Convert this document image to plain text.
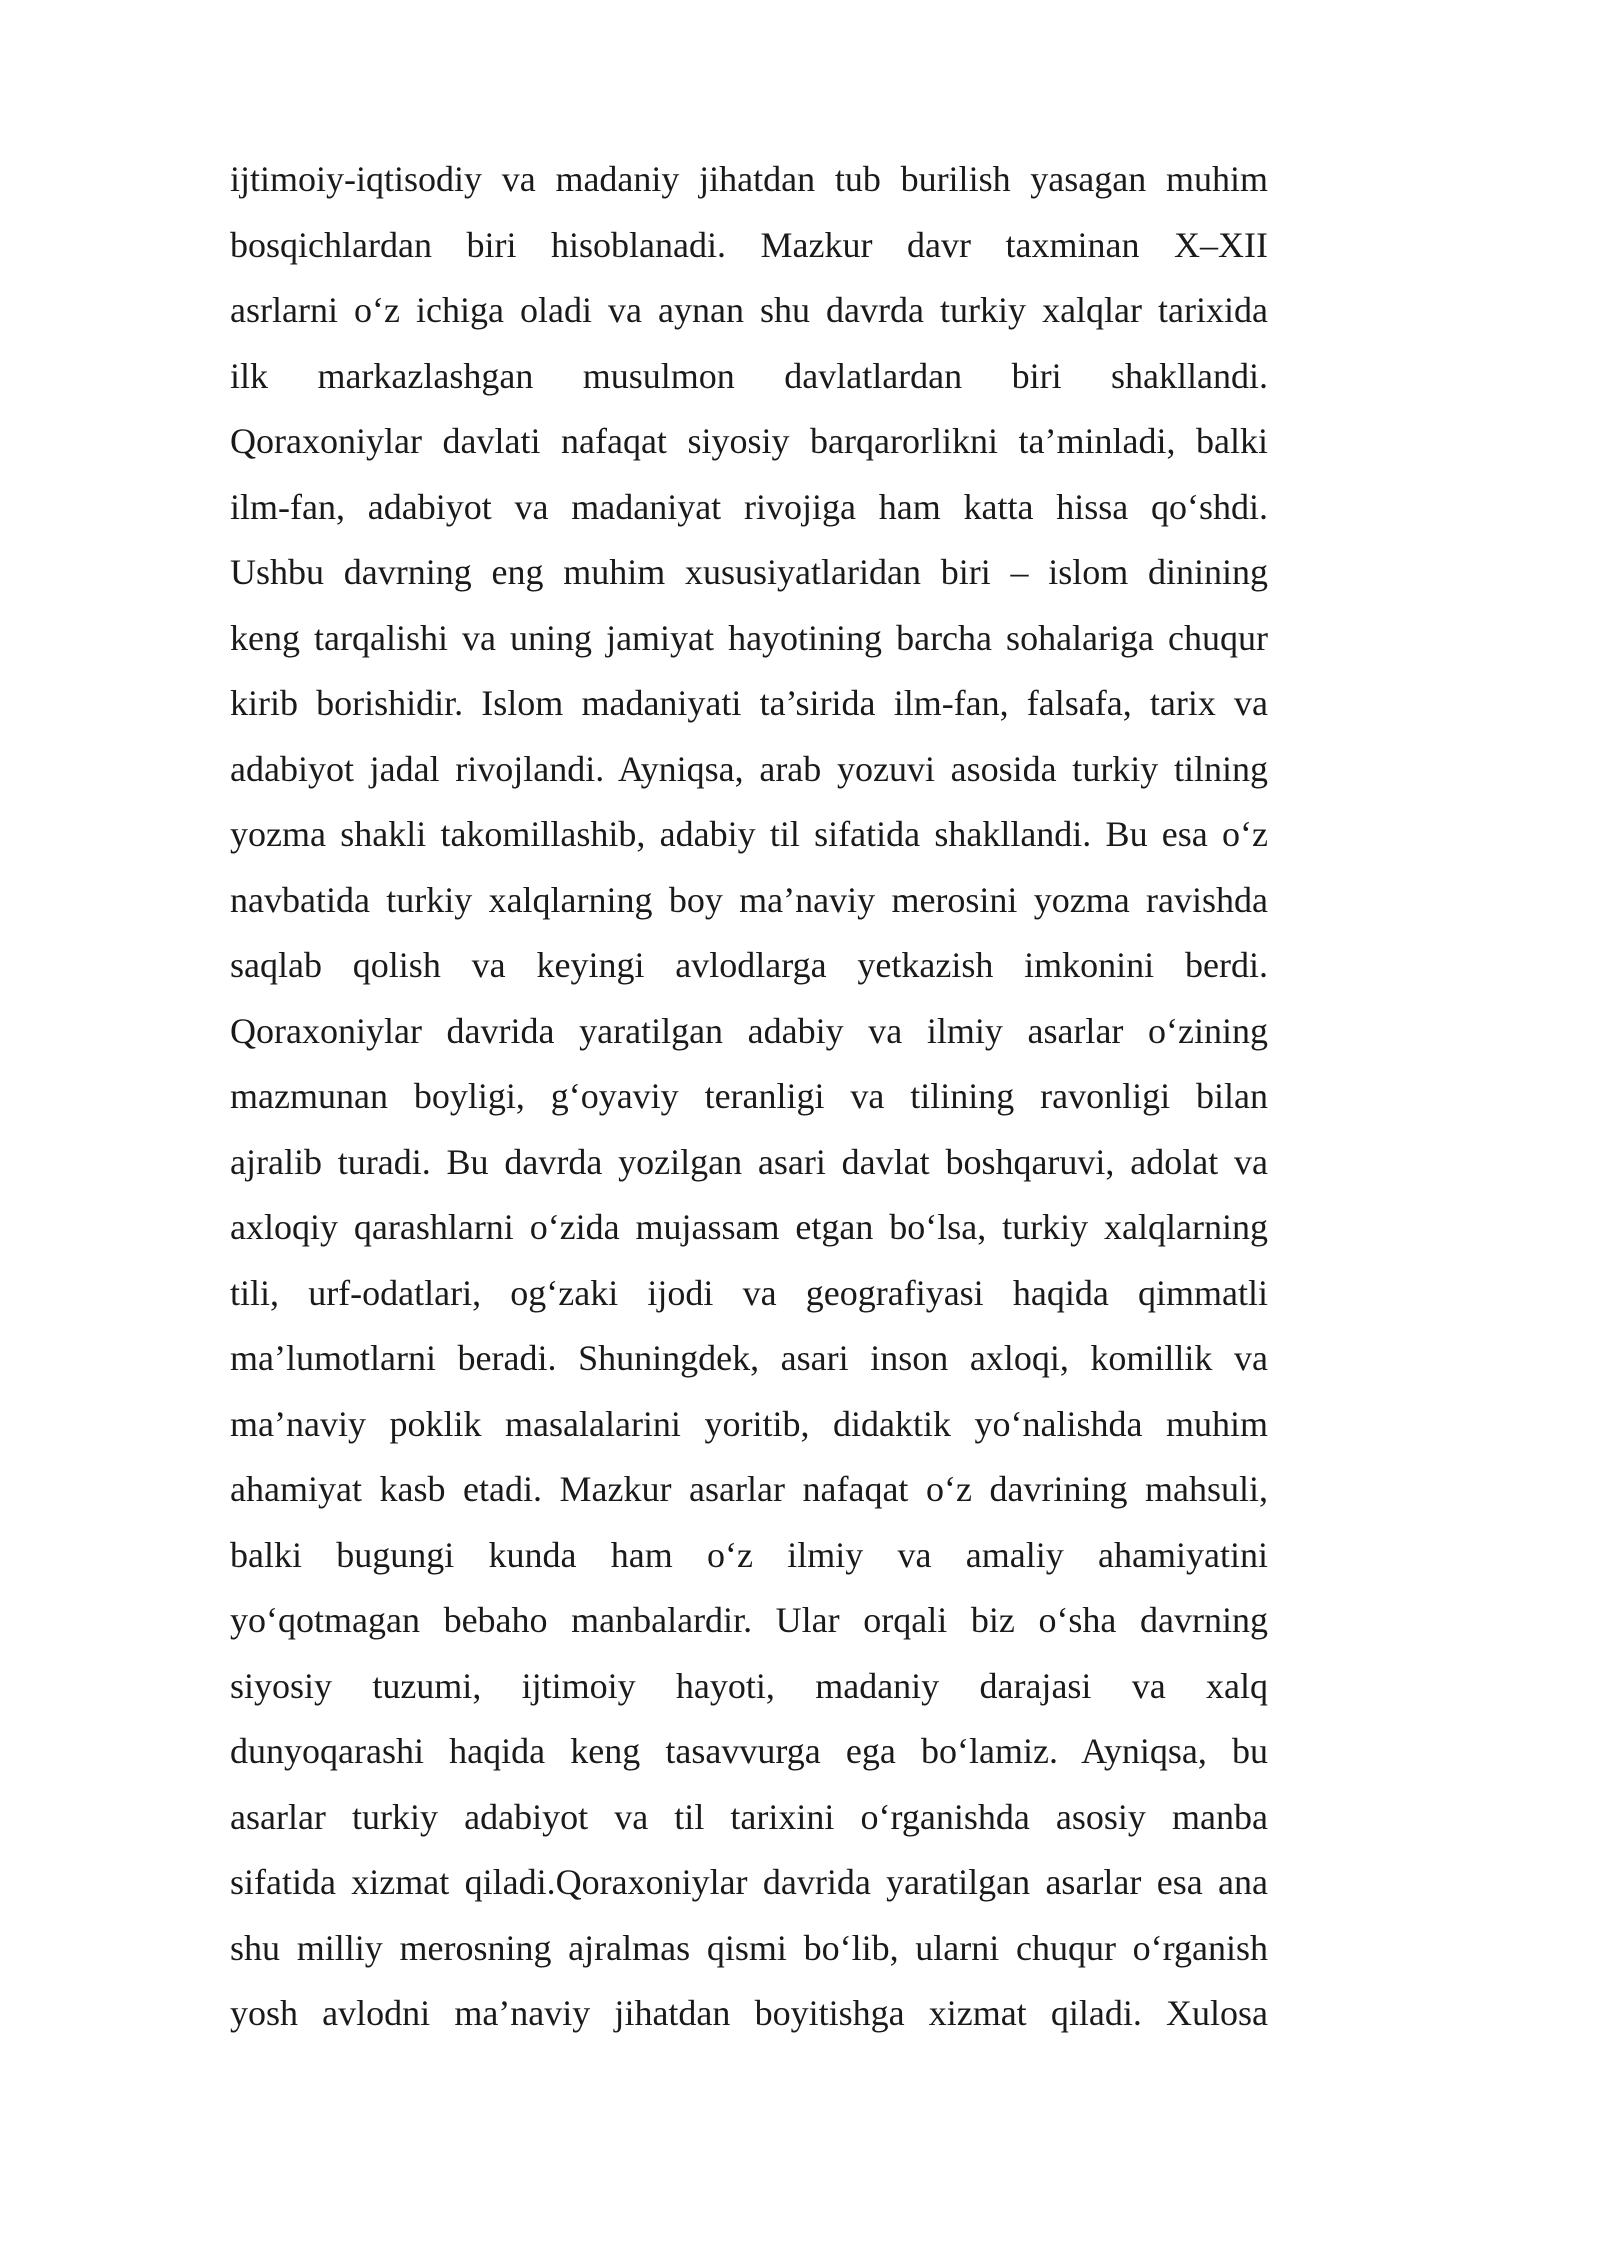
ijtimoiy-iqtisodiy va madaniy jihatdan tub burilish yasagan muhim
bosqichlardan biri hisoblanadi. Mazkur davr taxminan X–XII
asrlarni o‘z ichiga oladi va aynan shu davrda turkiy xalqlar tarixida
ilk markazlashgan musulmon davlatlardan biri shakllandi.
Qoraxoniylar davlati nafaqat siyosiy barqarorlikni ta’minladi, balki
ilm-fan, adabiyot va madaniyat rivojiga ham katta hissa qo‘shdi.
Ushbu davrning eng muhim xususiyatlaridan biri – islom dinining
keng tarqalishi va uning jamiyat hayotining barcha sohalariga chuqur
kirib borishidir. Islom madaniyati ta’sirida ilm-fan, falsafa, tarix va
adabiyot jadal rivojlandi. Ayniqsa, arab yozuvi asosida turkiy tilning
yozma shakli takomillashib, adabiy til sifatida shakllandi. Bu esa o‘z
navbatida turkiy xalqlarning boy ma’naviy merosini yozma ravishda
saqlab qolish va keyingi avlodlarga yetkazish imkonini berdi.
Qoraxoniylar davrida yaratilgan adabiy va ilmiy asarlar o‘zining
mazmunan boyligi, g‘oyaviy teranligi va tilining ravonligi bilan
ajralib turadi. Bu davrda yozilgan asari davlat boshqaruvi, adolat va
axloqiy qarashlarni o‘zida mujassam etgan bo‘lsa, turkiy xalqlarning
tili, urf-odatlari, og‘zaki ijodi va geografiyasi haqida qimmatli
ma’lumotlarni beradi. Shuningdek, asari inson axloqi, komillik va
ma’naviy poklik masalalarini yoritib, didaktik yo‘nalishda muhim
ahamiyat kasb etadi. Mazkur asarlar nafaqat o‘z davrining mahsuli,
balki bugungi kunda ham o‘z ilmiy va amaliy ahamiyatini
yo‘qotmagan bebaho manbalardir. Ular orqali biz o‘sha davrning
siyosiy tuzumi, ijtimoiy hayoti, madaniy darajasi va xalq
dunyoqarashi haqida keng tasavvurga ega bo‘lamiz. Ayniqsa, bu
asarlar turkiy adabiyot va til tarixini o‘rganishda asosiy manba
sifatida xizmat qiladi.Qoraxoniylar davrida yaratilgan asarlar esa ana
shu milliy merosning ajralmas qismi bo‘lib, ularni chuqur o‘rganish
yosh avlodni ma’naviy jihatdan boyitishga xizmat qiladi. Xulosa
